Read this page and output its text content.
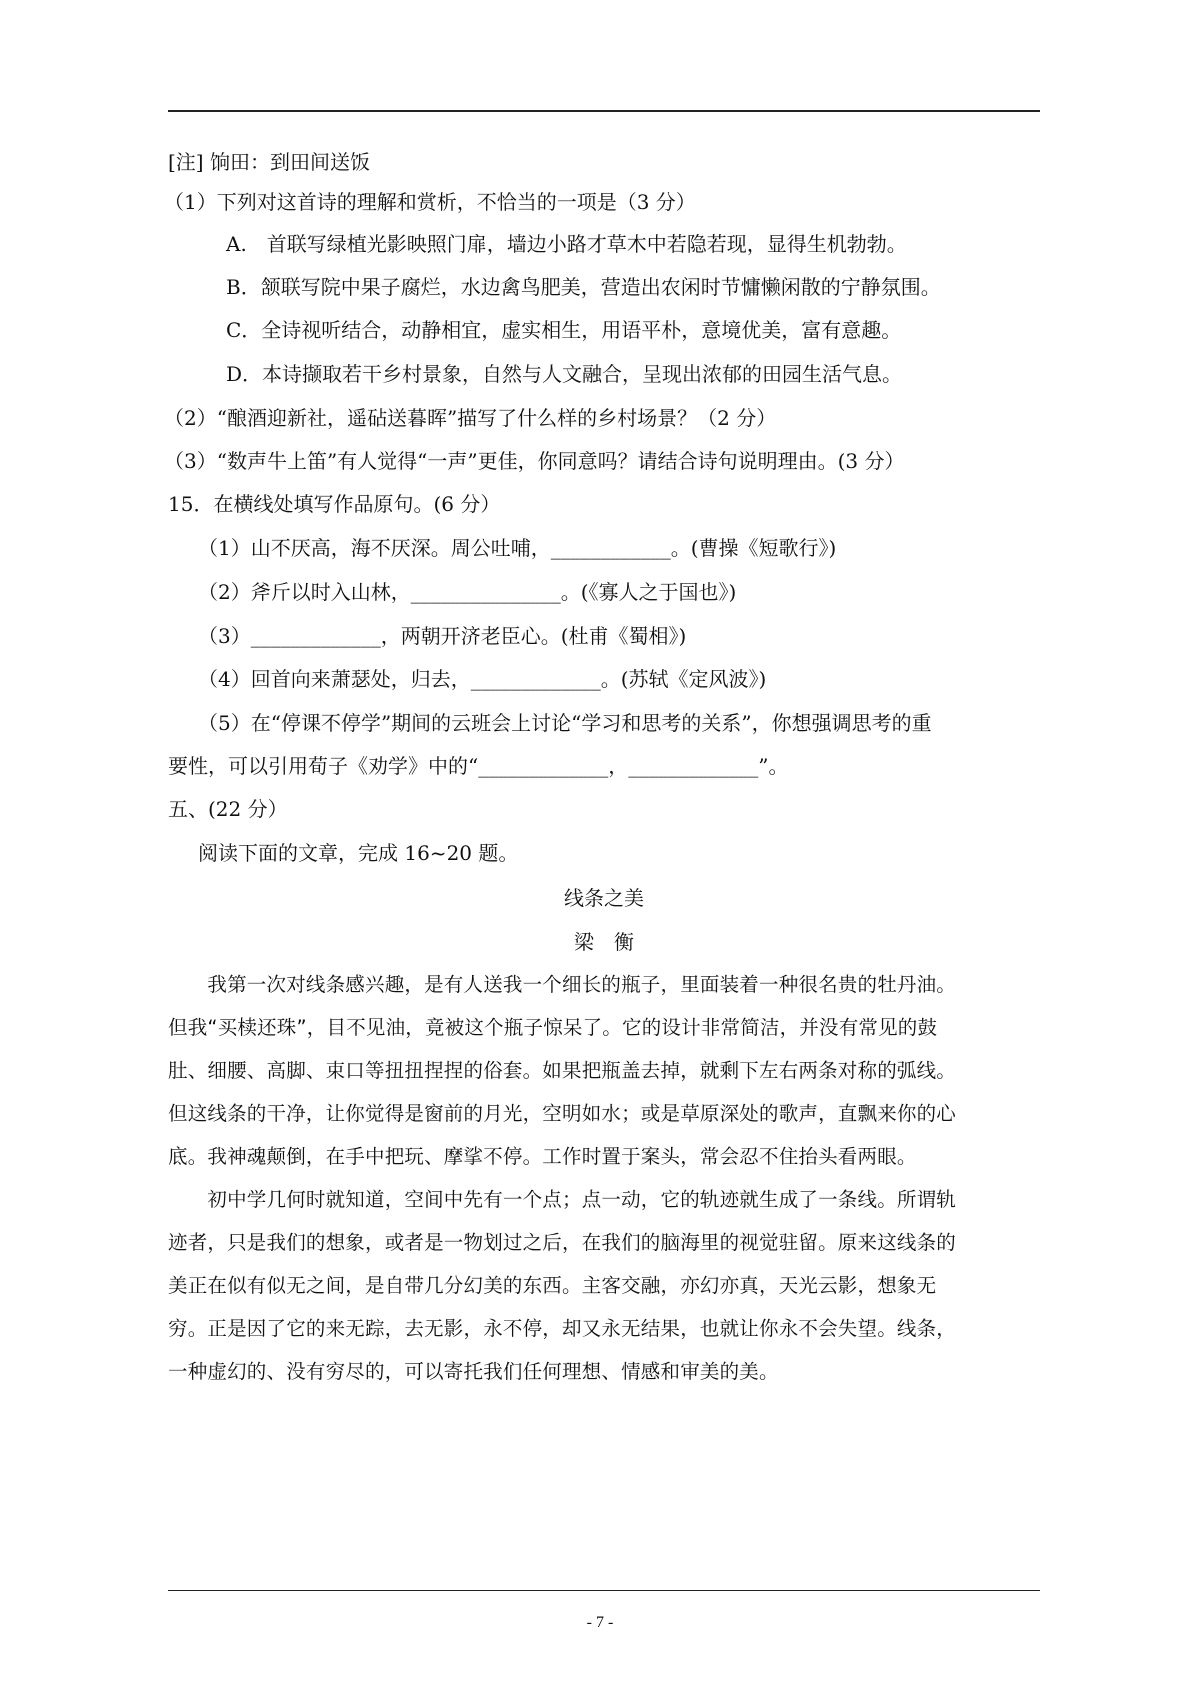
[注] 饷田：到田间送饭
（1）下列对这首诗的理解和赏析，不恰当的一项是（3 分）
A.　首联写绿植光影映照门扉，墙边小路才草木中若隐若现，显得生机勃勃。
B．颔联写院中果子腐烂，水边禽鸟肥美，营造出农闲时节慵懒闲散的宁静氛围。
C．全诗视听结合，动静相宜，虚实相生，用语平朴，意境优美，富有意趣。
D．本诗撷取若干乡村景象，自然与人文融合，呈现出浓郁的田园生活气息。
（2）“酿酒迎新社，遥砧送暮晖”描写了什么样的乡村场景？（2 分）
（3）“数声牛上笛”有人觉得“一声”更佳，你同意吗？请结合诗句说明理由。(3 分）
15．在横线处填写作品原句。(6 分）
（1）山不厌高，海不厌深。周公吐哺，____________。(曹操《短歌行》)
（2）斧斤以时入山林，_______________。(《寡人之于国也》)
（3）_____________，两朝开济老臣心。(杜甫《蜀相》)
（4）回首向来萧瑟处，归去，_____________。(苏轼《定风波》)
（5）在“停课不停学”期间的云班会上讨论“学习和思考的关系”，你想强调思考的重
要性，可以引用荀子《劝学》中的“_____________，_____________”。
五、(22 分）
阅读下面的文章，完成 16~20 题。
线条之美
梁　衡
　　我第一次对线条感兴趣，是有人送我一个细长的瓶子，里面装着一种很名贵的牡丹油。
但我“买椟还珠”，目不见油，竟被这个瓶子惊呆了。它的设计非常简洁，并没有常见的鼓
肚、细腰、高脚、束口等扭扭捏捏的俗套。如果把瓶盖去掉，就剩下左右两条对称的弧线。
但这线条的干净，让你觉得是窗前的月光，空明如水；或是草原深处的歌声，直飘来你的心
底。我神魂颠倒，在手中把玩、摩挲不停。工作时置于案头，常会忍不住抬头看两眼。
　　初中学几何时就知道，空间中先有一个点；点一动，它的轨迹就生成了一条线。所谓轨
迹者，只是我们的想象，或者是一物划过之后，在我们的脑海里的视觉驻留。原来这线条的
美正在似有似无之间，是自带几分幻美的东西。主客交融，亦幻亦真，天光云影，想象无
穷。正是因了它的来无踪，去无影，永不停，却又永无结果，也就让你永不会失望。线条，
一种虚幻的、没有穷尽的，可以寄托我们任何理想、情感和审美的美。
- 7 -
